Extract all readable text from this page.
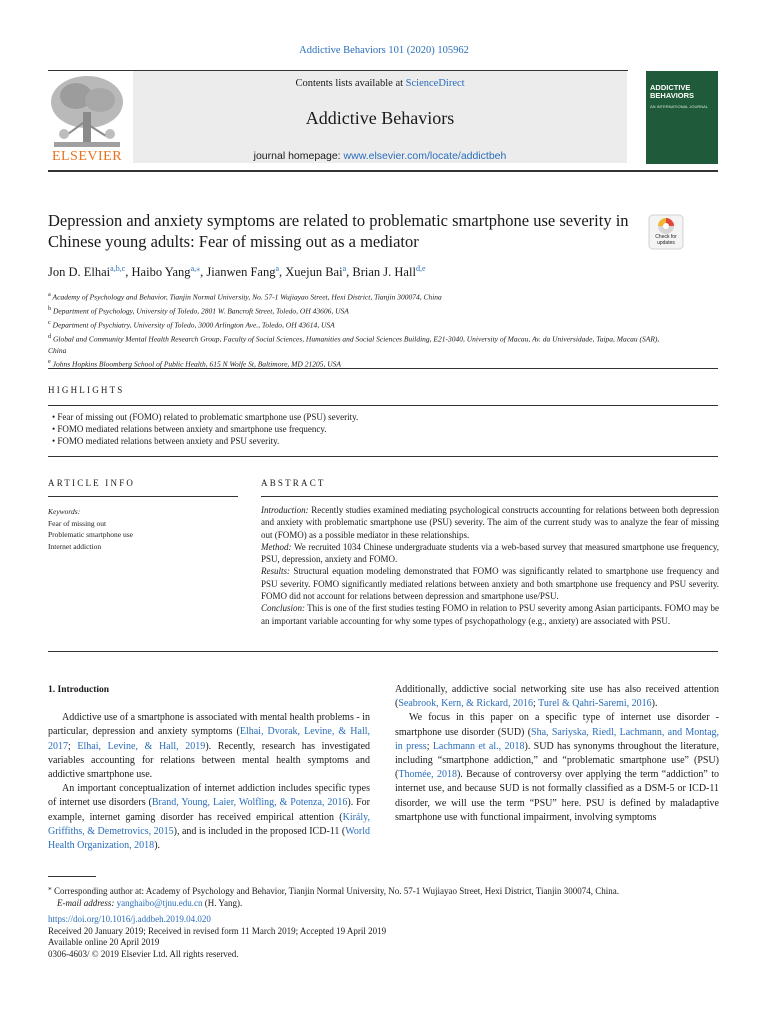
Addictive Behaviors 101 (2020) 105962
ELSEVIER
Contents lists available at ScienceDirect
Addictive Behaviors
journal homepage: www.elsevier.com/locate/addictbeh
ADDICTIVE BEHAVIORS
AN INTERNATIONAL JOURNAL
Depression and anxiety symptoms are related to problematic smartphone use severity in Chinese young adults: Fear of missing out as a mediator	Check for updates
Jon D. Elhai$^{a,b,c}$, Haibo Yang$^{a,⁎}$, Jianwen Fang$^a$, Xuejun Bai$^a$, Brian J. Hall$^{d,e}$
$^a$ Academy of Psychology and Behavior, Tianjin Normal University, No. 57-1 Wujiayao Street, Hexi District, Tianjin 300074, China
$^b$ Department of Psychology, University of Toledo, 2801 W. Bancroft Street, Toledo, OH 43606, USA
$^c$ Department of Psychiatry, University of Toledo, 3000 Arlington Ave., Toledo, OH 43614, USA
$^d$ Global and Community Mental Health Research Group, Faculty of Social Sciences, Humanities and Social Sciences Building, E21-3040, University of Macau, Av. da Universidade, Taipa, Macau (SAR), China
$^e$ Johns Hopkins Bloomberg School of Public Health, 615 N Wolfe St, Baltimore, MD 21205, USA
HIGHLIGHTS
• Fear of missing out (FOMO) related to problematic smartphone use (PSU) severity.
• FOMO mediated relations between anxiety and smartphone use frequency.
• FOMO mediated relations between anxiety and PSU severity.
ARTICLE INFO
Keywords:
Fear of missing out
Problematic smartphone use
Internet addiction
ABSTRACT
Introduction: Recently studies examined mediating psychological constructs accounting for relations between both depression and anxiety with problematic smartphone use (PSU) severity. The aim of the current study was to analyze the fear of missing out (FOMO) as a possible mediator in these relationships.
Method: We recruited 1034 Chinese undergraduate students via a web-based survey that measured smartphone use frequency, PSU, depression, anxiety and FOMO.
Results: Structural equation modeling demonstrated that FOMO was significantly related to smartphone use frequency and PSU severity. FOMO significantly mediated relations between anxiety and both smartphone use frequency and PSU severity. FOMO did not account for relations between depression and smartphone use/PSU.
Conclusion: This is one of the first studies testing FOMO in relation to PSU severity among Asian participants. FOMO may be an important variable accounting for why some types of psychopathology (e.g., anxiety) are associated with PSU.
1. Introduction
Addictive use of a smartphone is associated with mental health problems - in particular, depression and anxiety symptoms (Elhai, Dvorak, Levine, & Hall, 2017; Elhai, Levine, & Hall, 2019). Recently, research has investigated variables accounting for relations between mental health symptoms and addictive smartphone use.
An important conceptualization of internet addiction includes specific types of internet use disorders (Brand, Young, Laier, Wolfling, & Potenza, 2016). For example, internet gaming disorder has received empirical attention (Király, Griffiths, & Demetrovics, 2015), and is included in the proposed ICD-11 (World Health Organization, 2018).
Additionally, addictive social networking site use has also received attention (Seabrook, Kern, & Rickard, 2016; Turel & Qahri-Saremi, 2016).
We focus in this paper on a specific type of internet use disorder - smartphone use disorder (SUD) (Sha, Sariyska, Riedl, Lachmann, and Montag, in press; Lachmann et al., 2018). SUD has synonyms throughout the literature, including “smartphone addiction,” and “problematic smartphone use” (PSU) (Thomée, 2018). Because of controversy over applying the term “addiction” to internet use, and because SUD is not formally classified as a DSM-5 or ICD-11 disorder, we will use the term “PSU” here. PSU is defined by maladaptive smartphone use with functional impairment, involving symptoms
⁎ Corresponding author at: Academy of Psychology and Behavior, Tianjin Normal University, No. 57-1 Wujiayao Street, Hexi District, Tianjin 300074, China.
E-mail address: yanghaibo@tjnu.edu.cn (H. Yang).
https://doi.org/10.1016/j.addbeh.2019.04.020
Received 20 January 2019; Received in revised form 11 March 2019; Accepted 19 April 2019
Available online 20 April 2019
0306-4603/ © 2019 Elsevier Ltd. All rights reserved.
